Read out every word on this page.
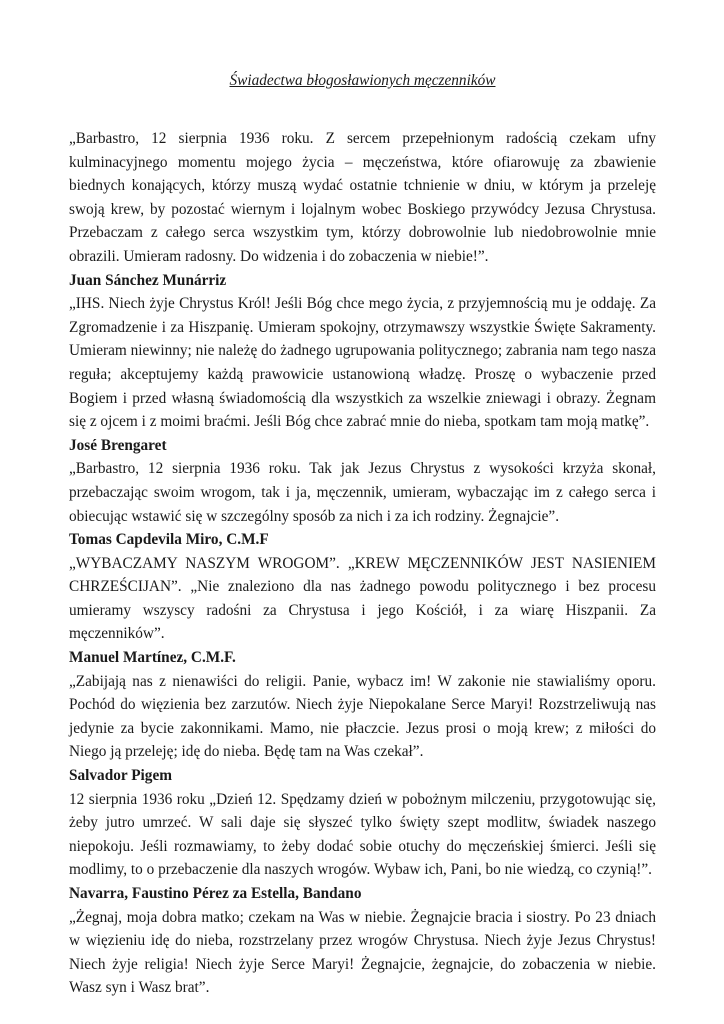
Świadectwa błogosławionych męczenników

„Barbastro, 12 sierpnia 1936 roku. Z sercem przepełnionym radością czekam ufny kulminacyjnego momentu mojego życia – męczeństwa, które ofiarowuję za zbawienie biednych konających, którzy muszą wydać ostatnie tchnienie w dniu, w którym ja przeleję swoją krew, by pozostać wiernym i lojalnym wobec Boskiego przywódcy Jezusa Chrystusa. Przebaczam z całego serca wszystkim tym, którzy dobrowolnie lub niedobrowolnie mnie obrazili. Umieram radosny. Do widzenia i do zobaczenia w niebie!”.

Juan Sánchez Munárriz

„IHS. Niech żyje Chrystus Król! Jeśli Bóg chce mego życia, z przyjemnością mu je oddaję. Za Zgromadzenie i za Hiszpanię. Umieram spokojny, otrzymawszy wszystkie Święte Sakramenty. Umieram niewinny; nie należę do żadnego ugrupowania politycznego; zabrania nam tego nasza reguła; akceptujemy każdą prawowicie ustanowioną władzę. Proszę o wybaczenie przed Bogiem i przed własną świadomością dla wszystkich za wszelkie zniewagi i obrazy. Żegnam się z ojcem i z moimi braćmi. Jeśli Bóg chce zabrać mnie do nieba, spotkam tam moją matkę”.

José Brengaret

„Barbastro, 12 sierpnia 1936 roku. Tak jak Jezus Chrystus z wysokości krzyża skonał, przebaczając swoim wrogom, tak i ja, męczennik, umieram, wybaczając im z całego serca i obiecując wstawić się w szczególny sposób za nich i za ich rodziny. Żegnajcie”.

Tomas Capdevila Miro, C.M.F

„WYBACZAMY NASZYM WROGOM”. „KREW MĘCZENNIKÓW JEST NASIENIEM CHRZEŚCIJAN”. „Nie znaleziono dla nas żadnego powodu politycznego i bez procesu umieramy wszyscy radośni za Chrystusa i jego Kościół, i za wiarę Hiszpanii. Za męczenników”.

Manuel Martínez, C.M.F.

„Zabijają nas z nienawiści do religii. Panie, wybacz im! W zakonie nie stawialiśmy oporu. Pochód do więzienia bez zarzutów. Niech żyje Niepokalane Serce Maryi! Rozstrzeliwują nas jedynie za bycie zakonnikami. Mamo, nie płaczcie. Jezus prosi o moją krew; z miłości do Niego ją przeleję; idę do nieba. Będę tam na Was czekał”.

Salvador Pigem

12 sierpnia 1936 roku „Dzień 12. Spędzamy dzień w pobożnym milczeniu, przygotowując się, żeby jutro umrzeć. W sali daje się słyszeć tylko święty szept modlitw, świadek naszego niepokoju. Jeśli rozmawiamy, to żeby dodać sobie otuchy do męczeńskiej śmierci. Jeśli się modlimy, to o przebaczenie dla naszych wrogów. Wybaw ich, Pani, bo nie wiedzą, co czynią!”.

Navarra, Faustino Pérez za Estella, Bandano

„Żegnaj, moja dobra matko; czekam na Was w niebie. Żegnajcie bracia i siostry. Po 23 dniach w więzieniu idę do nieba, rozstrzelany przez wrogów Chrystusa. Niech żyje Jezus Chrystus! Niech żyje religia! Niech żyje Serce Maryi! Żegnajcie, żegnajcie, do zobaczenia w niebie. Wasz syn i Wasz brat”.
